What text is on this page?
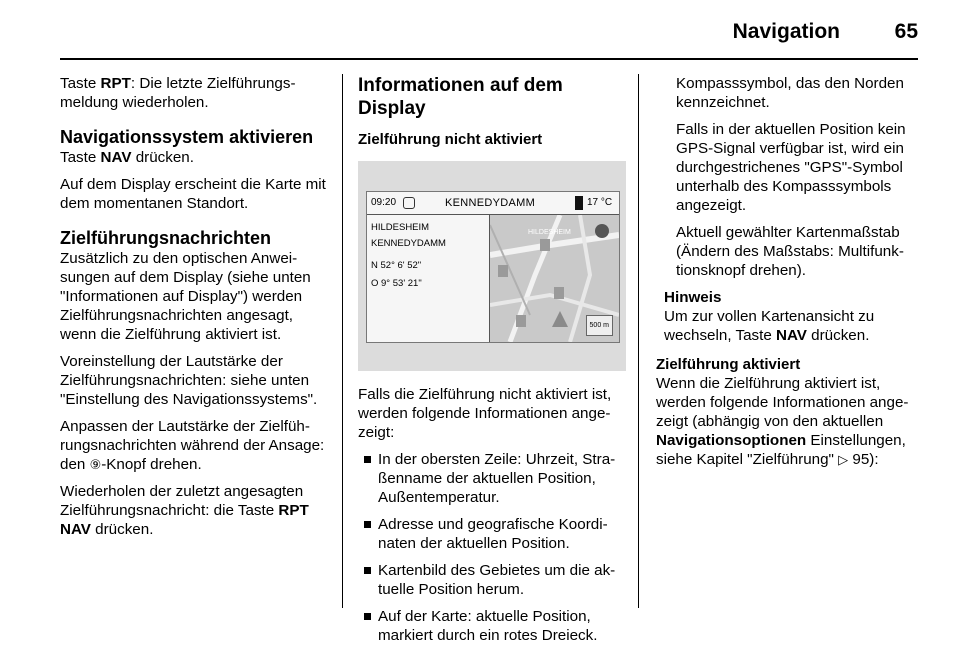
Navigation	65

Taste RPT: Die letzte Zielführungsmeldung wiederholen.

Navigationssystem aktivieren

Taste NAV drücken.

Auf dem Display erscheint die Karte mit dem momentanen Standort.

Zielführungsnachrichten

Zusätzlich zu den optischen Anweisungen auf dem Display (siehe unten "Informationen auf Display") werden Zielführungsnachrichten angesagt, wenn die Zielführung aktiviert ist.

Voreinstellung der Lautstärke der Zielführungsnachrichten: siehe unten "Einstellung des Navigationssystems".

Anpassen der Lautstärke der Zielführungsnachrichten während der Ansage: den ⑨-Knopf drehen.

Wiederholen der zuletzt angesagten Zielführungsnachricht: die Taste RPT NAV drücken.

Informationen auf dem Display
Zielführung nicht aktiviert
09:20	KENNEDYDAMM	17 °C
HILDESHEIM
KENNEDYDAMM
N 52° 6' 52"
O 9° 53' 21"
HILDESHEIM
500 m

Falls die Zielführung nicht aktiviert ist, werden folgende Informationen angezeigt:

In der obersten Zeile: Uhrzeit, Straßenname der aktuellen Position, Außentemperatur.
Adresse und geografische Koordinaten der aktuellen Position.
Kartenbild des Gebietes um die aktuelle Position herum.
Auf der Karte: aktuelle Position, markiert durch ein rotes Dreieck.

Kompasssymbol, das den Norden kennzeichnet.

Falls in der aktuellen Position kein GPS-Signal verfügbar ist, wird ein durchgestrichenes "GPS"-Symbol unterhalb des Kompasssymbols angezeigt.

Aktuell gewählter Kartenmaßstab (Ändern des Maßstabs: Multifunktionsknopf drehen).

Hinweis

Um zur vollen Kartenansicht zu wechseln, Taste NAV drücken.

Zielführung aktiviert

Wenn die Zielführung aktiviert ist, werden folgende Informationen angezeigt (abhängig von den aktuellen Navigationsoptionen Einstellungen, siehe Kapitel "Zielführung" ▷ 95):
